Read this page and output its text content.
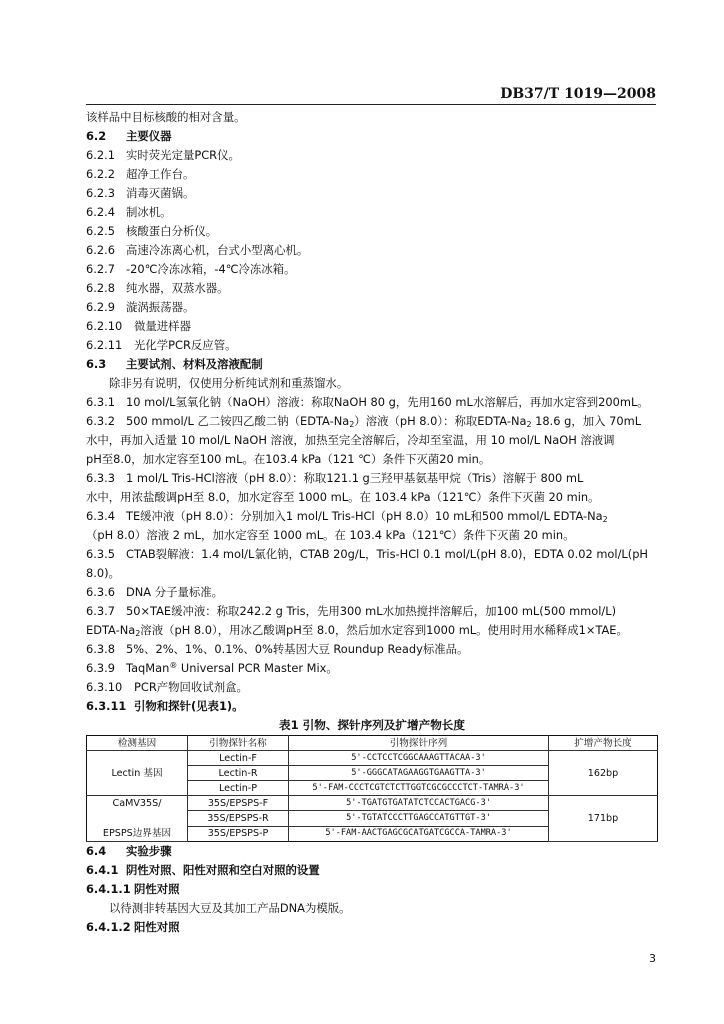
DB37/T 1019—2008
该样品中目标核酸的相对含量。
6.2 主要仪器
6.2.1 实时荧光定量PCR仪。
6.2.2 超净工作台。
6.2.3 消毒灭菌锅。
6.2.4 制冰机。
6.2.5 核酸蛋白分析仪。
6.2.6 高速冷冻离心机，台式小型离心机。
6.2.7 -20℃冷冻冰箱，-4℃冷冻冰箱。
6.2.8 纯水器，双蒸水器。
6.2.9 漩涡振荡器。
6.2.10 微量进样器
6.2.11 光化学PCR反应管。
6.3 主要试剂、材料及溶液配制
除非另有说明，仅使用分析纯试剂和重蒸馏水。
6.3.1 10 mol/L氢氧化钠（NaOH）溶液：称取NaOH 80 g，先用160 mL水溶解后，再加水定容到200mL。
6.3.2 500 mmol/L 乙二铵四乙酸二钠$(EDTA-Na_2)$溶液（pH 8.0）：称取EDTA-$Na_2$ 18.6 g，加入 70mL
水中，再加入适量 10 mol/L NaOH 溶液，加热至完全溶解后，冷却至室温，用 10 mol/L NaOH 溶液调
pH至8.0，加水定容至100 mL。在103.4 kPa（121 ℃）条件下灭菌20 min。
6.3.3 1 mol/L Tris-HCl溶液（pH 8.0）：称取121.1 g三羟甲基氨基甲烷（Tris）溶解于 800 mL
水中，用浓盐酸调pH至 8.0，加水定容至 1000 mL。在 103.4 kPa（121℃）条件下灭菌 20 min。
6.3.4 TE缓冲液（pH 8.0）：分别加入1 mol/L Tris-HCl（pH 8.0）10 mL和500 mmol/L EDTA-$Na_2$
（pH 8.0）溶液 2 mL，加水定容至 1000 mL。在 103.4 kPa（121℃）条件下灭菌 20 min。
6.3.5 CTAB裂解液：1.4 mol/L氯化钠，CTAB 20g/L，Tris-HCl 0.1 mol/L(pH 8.0)，EDTA 0.02 mol/L(pH
8.0)。
6.3.6 DNA 分子量标准。
6.3.7 50×TAE缓冲液：称取242.2 g Tris，先用300 mL水加热搅拌溶解后，加100 mL(500 mmol/L)
EDTA-$Na_2$溶液（pH 8.0），用冰乙酸调pH至 8.0，然后加水定容到1000 mL。使用时用水稀释成1×TAE。
6.3.8 5%、2%、1%、0.1%、0%转基因大豆 Roundup Ready标准品。
6.3.9 TaqMan® Universal PCR Master Mix。
6.3.10 PCR产物回收试剂盒。
6.3.11 引物和探针(见表1)。
表1 引物、探针序列及扩增产物长度
检测基因	引物探针名称	引物探针序列	扩增产物长度
Lectin 基因	Lectin-F	5'-CCTCCTCGGCAAAGTTACAA-3'	162bp
	Lectin-R	5'-GGGCATAGAAGGTGAAGTTA-3'	
	Lectin-P	5'-FAM-CCCTCGTCTCTTGGTCGCGCCCTCT-TAMRA-3'	
CaMV35S/

EPSPS边界基因	35S/EPSPS-F	5'-TGATGTGATATCTCCACTGACG-3'	171bp
	35S/EPSPS-R	5'-TGTATCCCTTGAGCCATGTTGT-3'	
	35S/EPSPS-P	5'-FAM-AACTGAGCGCATGATCGCCA-TAMRA-3'	
6.4 实验步骤
6.4.1 阴性对照、阳性对照和空白对照的设置
6.4.1.1 阴性对照
以待测非转基因大豆及其加工产品DNA为模版。
6.4.1.2 阳性对照
3
